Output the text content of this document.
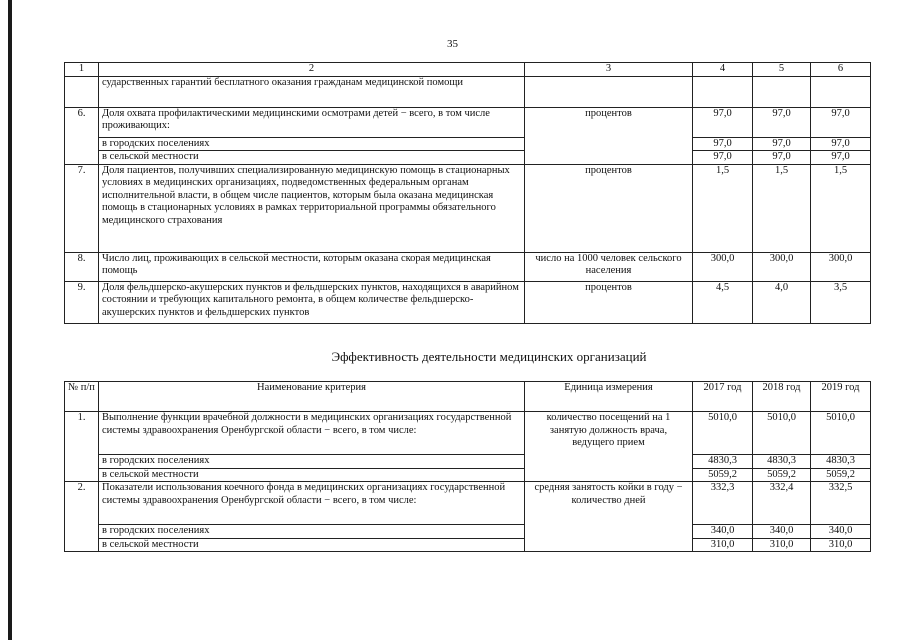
35
1	2	3	4	5	6
	сударственных гарантий бесплатного оказания гражданам медицинской помощи				
6.	Доля охвата профилактическими медицинскими осмотрами детей − всего, в том числе проживающих:	процентов	97,0	97,0	97,0
	в городских поселениях		97,0	97,0	97,0
	в сельской местности		97,0	97,0	97,0
7.	Доля пациентов, получивших специализированную медицинскую помощь в стационарных условиях в медицинских организациях, подведомственных федеральным органам исполнительной власти, в общем числе пациентов, которым была оказана медицинская помощь в стационарных условиях в рамках территориальной программы обязательного медицинского страхования	процентов	1,5	1,5	1,5
8.	Число лиц, проживающих в сельской местности, которым оказана скорая медицинская помощь	число на 1000 человек сельского населения	300,0	300,0	300,0
9.	Доля фельдшерско-акушерских пунктов и фельдшерских пунктов, находящихся в аварийном состоянии и требующих капитального ремонта, в общем количестве фельдшерско-акушерских пунктов и фельдшерских пунктов	процентов	4,5	4,0	3,5
Эффективность деятельности медицинских организаций
№ п/п	Наименование критерия	Единица измерения	2017 год	2018 год	2019 год
1.	Выполнение функции врачебной должности в медицинских организациях государственной системы здравоохранения Оренбургской области − всего, в том числе:	количество посещений на 1 занятую должность врача, ведущего прием	5010,0	5010,0	5010,0
	в городских поселениях		4830,3	4830,3	4830,3
	в сельской местности		5059,2	5059,2	5059,2
2.	Показатели использования коечного фонда в медицинских организациях государственной системы здравоохранения Оренбургской области − всего, в том числе:	средняя занятость койки в году − количество дней	332,3	332,4	332,5
	в городских поселениях		340,0	340,0	340,0
	в сельской местности		310,0	310,0	310,0
